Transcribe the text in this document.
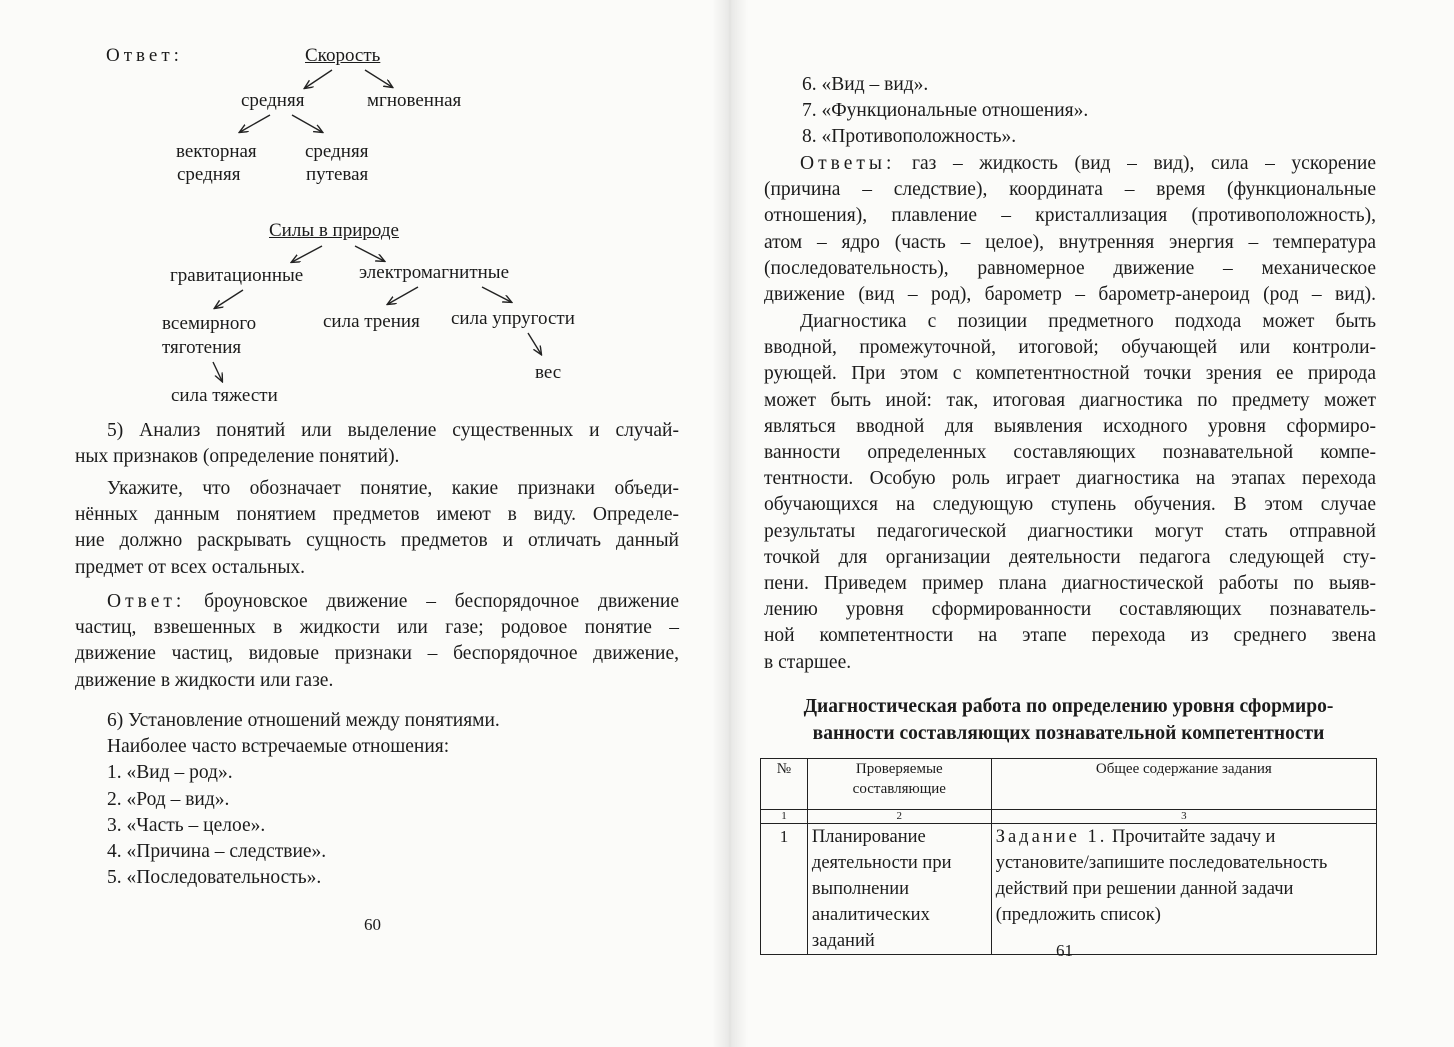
Ответ:	Скорость
средняя	мгновенная
векторная
средняя
средняя
путевая
Силы в природе
гравитационные	электромагнитные
всемирного
тяготения
сила тяжести
сила трения сила упругости
вес
5) Анализ понятий или выделение существенных и случай-
ных признаков (определение понятий).
Укажите, что обозначает понятие, какие признаки объеди-
нённых данным понятием предметов имеют в виду. Определе-
ние должно раскрывать сущность предметов и отличать данный
предмет от всех остальных.
Ответ: броуновское движение – беспорядочное движение
частиц, взвешенных в жидкости или газе; родовое понятие –
движение частиц, видовые признаки – беспорядочное движение,
движение в жидкости или газе.
6) Установление отношений между понятиями.
Наиболее часто встречаемые отношения:
1. «Вид – род».
2. «Род – вид».
3. «Часть – целое».
4. «Причина – следствие».
5. «Последовательность».
60
6. «Вид – вид».
7. «Функциональные отношения».
8. «Противоположность».
Ответы: газ – жидкость (вид – вид), сила – ускорение
(причина – следствие), координата – время (функциональные
отношения), плавление – кристаллизация (противоположность),
атом – ядро (часть – целое), внутренняя энергия – температура
(последовательность), равномерное движение – механическое
движение (вид – род), барометр – барометр-анероид (род – вид).
Диагностика с позиции предметного подхода может быть
вводной, промежуточной, итоговой; обучающей или контроли-
рующей. При этом с компетентностной точки зрения ее природа
может быть иной: так, итоговая диагностика по предмету может
являться вводной для выявления исходного уровня сформиро-
ванности определенных составляющих познавательной компе-
тентности. Особую роль играет диагностика на этапах перехода
обучающихся на следующую ступень обучения. В этом случае
результаты педагогической диагностики могут стать отправной
точкой для организации деятельности педагога следующей сту-
пени. Приведем пример плана диагностической работы по выяв-
лению уровня сформированности составляющих познаватель-
ной компетентности на этапе перехода из среднего звена
в старшее.
Диагностическая работа по определению уровня сформиро-
ванности составляющих познавательной компетентности
№	Проверяемые составляющие	Общее содержание задания
1	2	3
1	Планирование деятельности при выполнении аналитических заданий	Задание 1. Прочитайте задачу и установите/запишите последовательность действий при решении данной задачи (предложить список)
61
